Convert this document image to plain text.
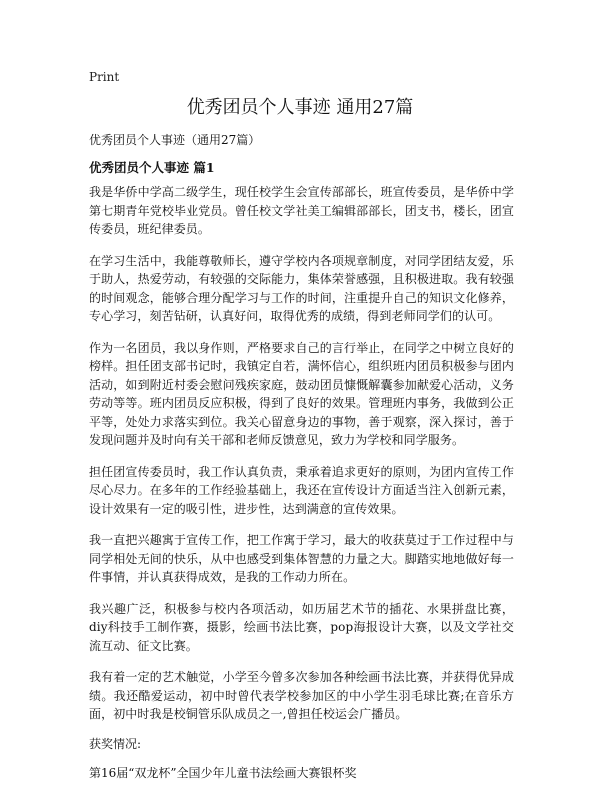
Print
优秀团员个人事迹 通用27篇
优秀团员个人事迹（通用27篇）
优秀团员个人事迹 篇1

我是华侨中学高二级学生，现任校学生会宣传部部长，班宣传委员，是华侨中学第七期青年党校毕业党员。曾任校文学社美工编辑部部长，团支书，楼长，团宣传委员，班纪律委员。

在学习生活中，我能尊敬师长，遵守学校内各项规章制度，对同学团结友爱，乐于助人，热爱劳动，有较强的交际能力，集体荣誉感强，且积极进取。我有较强的时间观念，能够合理分配学习与工作的时间，注重提升自己的知识文化修养，专心学习，刻苦钻研，认真好问，取得优秀的成绩，得到老师同学们的认可。

作为一名团员，我以身作则，严格要求自己的言行举止，在同学之中树立良好的榜样。担任团支部书记时，我镇定自若，满怀信心，组织班内团员积极参与团内活动，如到附近村委会慰问残疾家庭，鼓动团员慷慨解囊参加献爱心活动，义务劳动等等。班内团员反应积极，得到了良好的效果。管理班内事务，我做到公正平等，处处力求落实到位。我关心留意身边的事物，善于观察，深入探讨，善于发现问题并及时向有关干部和老师反馈意见，致力为学校和同学服务。

担任团宣传委员时，我工作认真负责，秉承着追求更好的原则，为团内宣传工作尽心尽力。在多年的工作经验基础上，我还在宣传设计方面适当注入创新元素，设计效果有一定的吸引性，进步性，达到满意的宣传效果。

我一直把兴趣寓于宣传工作，把工作寓于学习，最大的收获莫过于工作过程中与同学相处无间的快乐，从中也感受到集体智慧的力量之大。脚踏实地地做好每一件事情，并认真获得成效，是我的工作动力所在。

我兴趣广泛，积极参与校内各项活动，如历届艺术节的插花、水果拼盘比赛，diy科技手工制作赛，摄影，绘画书法比赛，pop海报设计大赛，以及文学社交流互动、征文比赛。

我有着一定的艺术触觉，小学至今曾多次参加各种绘画书法比赛，并获得优异成绩。我还酷爱运动，初中时曾代表学校参加区的中小学生羽毛球比赛;在音乐方面，初中时我是校铜管乐队成员之一,曾担任校运会广播员。

获奖情况:

第16届“双龙杯”全国少年儿童书法绘画大赛银杯奖
